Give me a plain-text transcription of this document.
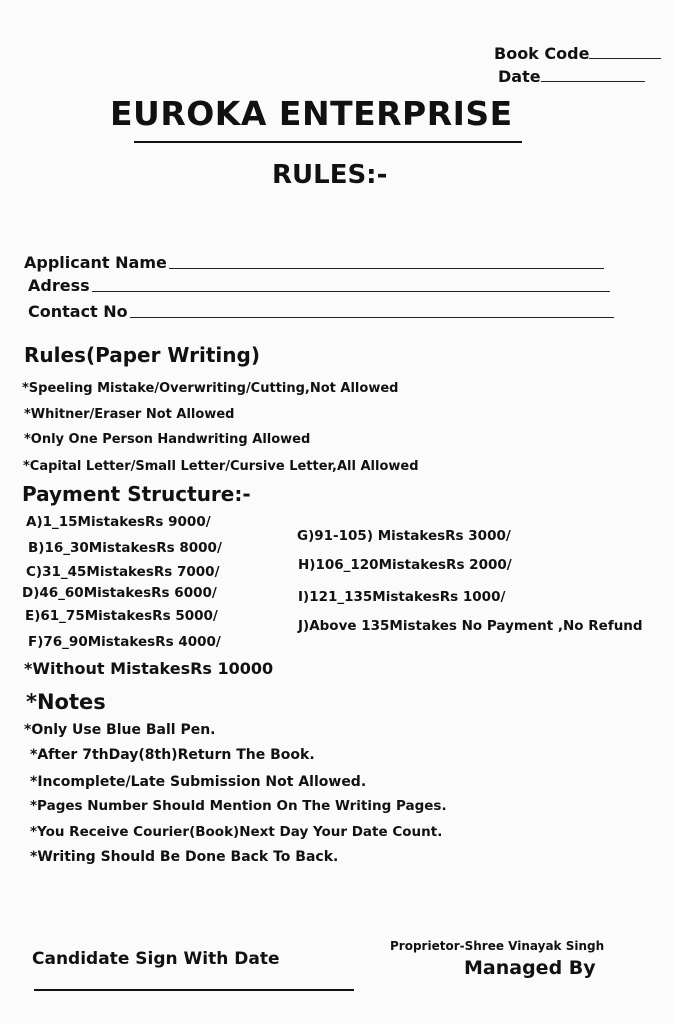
Book Code
Date
EUROKA ENTERPRISE
RULES:-
Applicant Name
Adress
Contact No
Rules(Paper Writing)
*Speeling Mistake/Overwriting/Cutting,Not Allowed
*Whitner/Eraser Not Allowed
*Only One Person Handwriting Allowed
*Capital Letter/Small Letter/Cursive Letter,All Allowed
Payment Structure:-
A)1_15MistakesRs 9000/
B)16_30MistakesRs 8000/
C)31_45MistakesRs 7000/
D)46_60MistakesRs 6000/
E)61_75MistakesRs 5000/
F)76_90MistakesRs 4000/
G)91-105) MistakesRs 3000/
H)106_120MistakesRs 2000/
I)121_135MistakesRs 1000/
J)Above 135Mistakes No Payment ,No Refund
*Without MistakesRs 10000
*Notes
*Only Use Blue Ball Pen.
*After 7thDay(8th)Return The Book.
*Incomplete/Late Submission Not Allowed.
*Pages Number Should Mention On The Writing Pages.
*You Receive Courier(Book)Next Day Your Date Count.
*Writing Should Be Done Back To Back.
Candidate Sign With Date
Proprietor-Shree Vinayak Singh
Managed By
